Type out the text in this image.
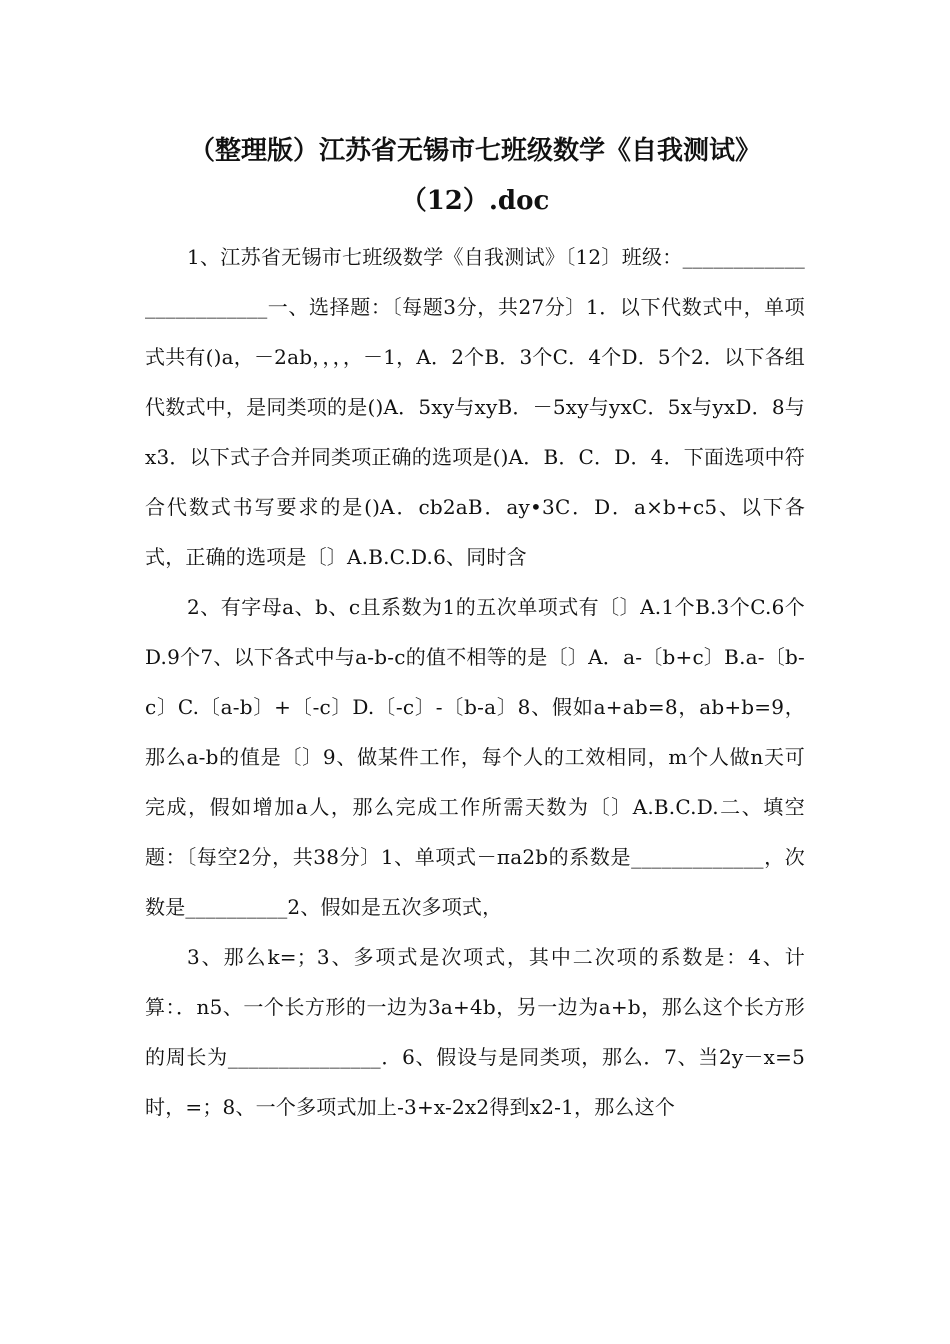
（整理版）江苏省无锡市七班级数学《自我测试》
（12）.doc

1、江苏省无锡市七班级数学《自我测试》〔12〕班级：________________________一、选择题：〔每题3分，共27分〕1．以下代数式中，单项式共有()a，－2ab，，，，－1，A．2个B．3个C．4个D．5个2．以下各组代数式中，是同类项的是()A．5xy与xyB．－5xy与yxC．5x与yxD．8与x3．以下式子合并同类项正确的选项是()A．B．C．D．4．下面选项中符合代数式书写要求的是()A．cb2aB．ay•3C．D．a×b+c5、以下各式，正确的选项是〔〕A.B.C.D.6、同时含

2、有字母a、b、c且系数为1的五次单项式有〔〕A.1个B.3个C.6个D.9个7、以下各式中与a-b-c的值不相等的是〔〕A．a-〔b+c〕B.a-〔b-c〕C.〔a-b〕+〔-c〕D.〔-c〕-〔b-a〕8、假如a+ab=8，ab+b=9，那么a-b的值是〔〕9、做某件工作，每个人的工效相同，m个人做n天可完成，假如增加a人，那么完成工作所需天数为〔〕A.B.C.D.二、填空题：〔每空2分，共38分〕1、单项式－πa2b的系数是_____________，次数是__________2、假如是五次多项式，

3、那么k=；3、多项式是次项式，其中二次项的系数是：4、计算：．n5、一个长方形的一边为3a+4b，另一边为a+b，那么这个长方形的周长为_______________．6、假设与是同类项，那么．7、当2y－x=5时，=；8、一个多项式加上-3+x-2x2得到x2-1，那么这个
